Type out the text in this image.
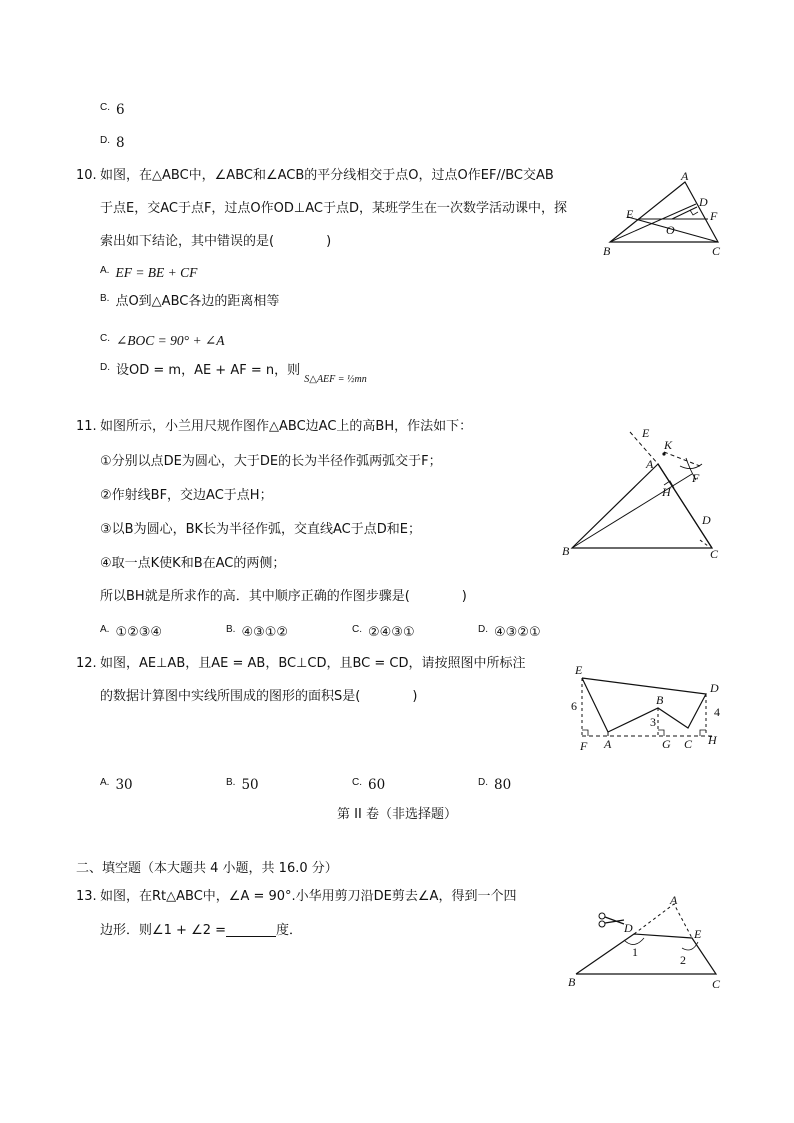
$^{C.}$ 6
$^{D.}$ 8
10. 如图，在△ABC中，∠ABC和∠ACB的平分线相交于点O，过点O作EF//BC交AB
于点E，交AC于点F，过点O作OD⊥AC于点D，某班学生在一次数学活动课中，探
索出如下结论，其中错误的是(　　　　)
$^{A.}$ EF = BE + CF
$^{B.}$ 点O到△ABC各边的距离相等
$^{C.}$ ∠BOC = 90° + ∠A
$^{D.}$ 设OD = m，AE + AF = n，则 $_{S\triangle AEF = \frac{1}{2}mn}$
A
D
E	F
O
B	C
11. 如图所示，小兰用尺规作图作△ABC边AC上的高BH，作法如下：
①分别以点DE为圆心，大于DE的长为半径作弧两弧交于F；
②作射线BF，交边AC于点H；
③以B为圆心，BK长为半径作弧，交直线AC于点D和E；
④取一点K使K和B在AC的两侧；
所以BH就是所求作的高．其中顺序正确的作图步骤是(　　　　)
$^{A.}$ ①②③④	$^{B.}$ ④③①②	$^{C.}$ ②④③①	$^{D.}$ ④③②①
E
K
A
F
H
D
B	C
12. 如图，AE⊥AB，且AE = AB，BC⊥CD，且BC = CD，请按照图中所标注
的数据计算图中实线所围成的图形的面积S是(　　　　)
$^{A.}$ 30	$^{B.}$ 50	$^{C.}$ 60	$^{D.}$ 80
E
D
B
6
3
4
F A	G C H
第 II 卷（非选择题）
二、填空题（本大题共 4 小题，共 16.0 分）
13. 如图，在Rt△ABC中，∠A = 90°.小华用剪刀沿DE剪去∠A，得到一个四
边形．则∠1 + ∠2 =	度．
A
D	E
1
2
B	C
